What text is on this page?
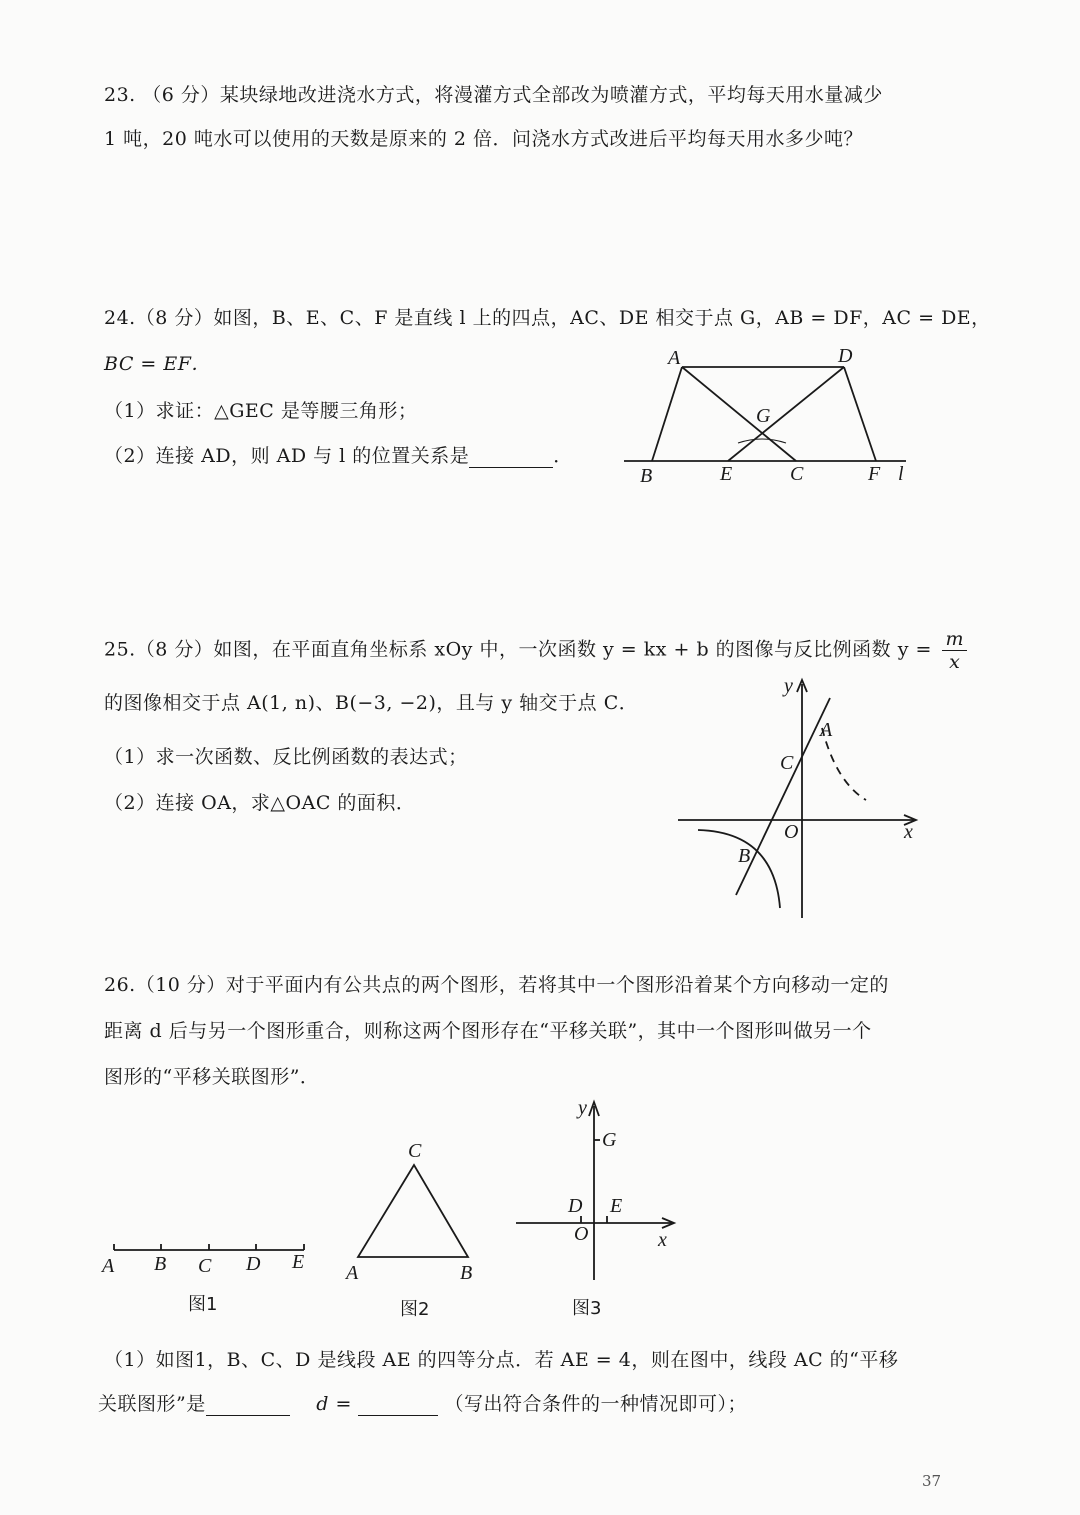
23. （6 分）某块绿地改进浇水方式，将漫灌方式全部改为喷灌方式，平均每天用水量减少
1 吨，20 吨水可以使用的天数是原来的 2 倍．问浇水方式改进后平均每天用水多少吨？
24.（8 分）如图，B、E、C、F 是直线 l 上的四点，AC、DE 相交于点 G，AB = DF，AC = DE，
BC = EF．
（1）求证：△GEC 是等腰三角形；
（2）连接 AD，则 AD 与 l 的位置关系是	．
A	D
G
B	E	C	F l
25.（8 分）如图，在平面直角坐标系 xOy 中，一次函数 y = kx + b 的图像与反比例函数 $y = \frac{m}{x}$
的图像相交于点 A(1, n)、B(−3, −2)，且与 y 轴交于点 C．
（1）求一次函数、反比例函数的表达式；
（2）连接 OA，求△OAC 的面积．
y
x
O
A
B
C
26.（10 分）对于平面内有公共点的两个图形，若将其中一个图形沿着某个方向移动一定的
距离 d 后与另一个图形重合，则称这两个图形存在“平移关联”，其中一个图形叫做另一个
图形的“平移关联图形”．
A B C D E
图1
C
A	B
图2
y
G
D E
O	x
图3
（1）如图1，B、C、D 是线段 AE 的四等分点．若 AE = 4，则在图中，线段 AC 的“平移
关联图形”是	d =	（写出符合条件的一种情况即可）；
37
